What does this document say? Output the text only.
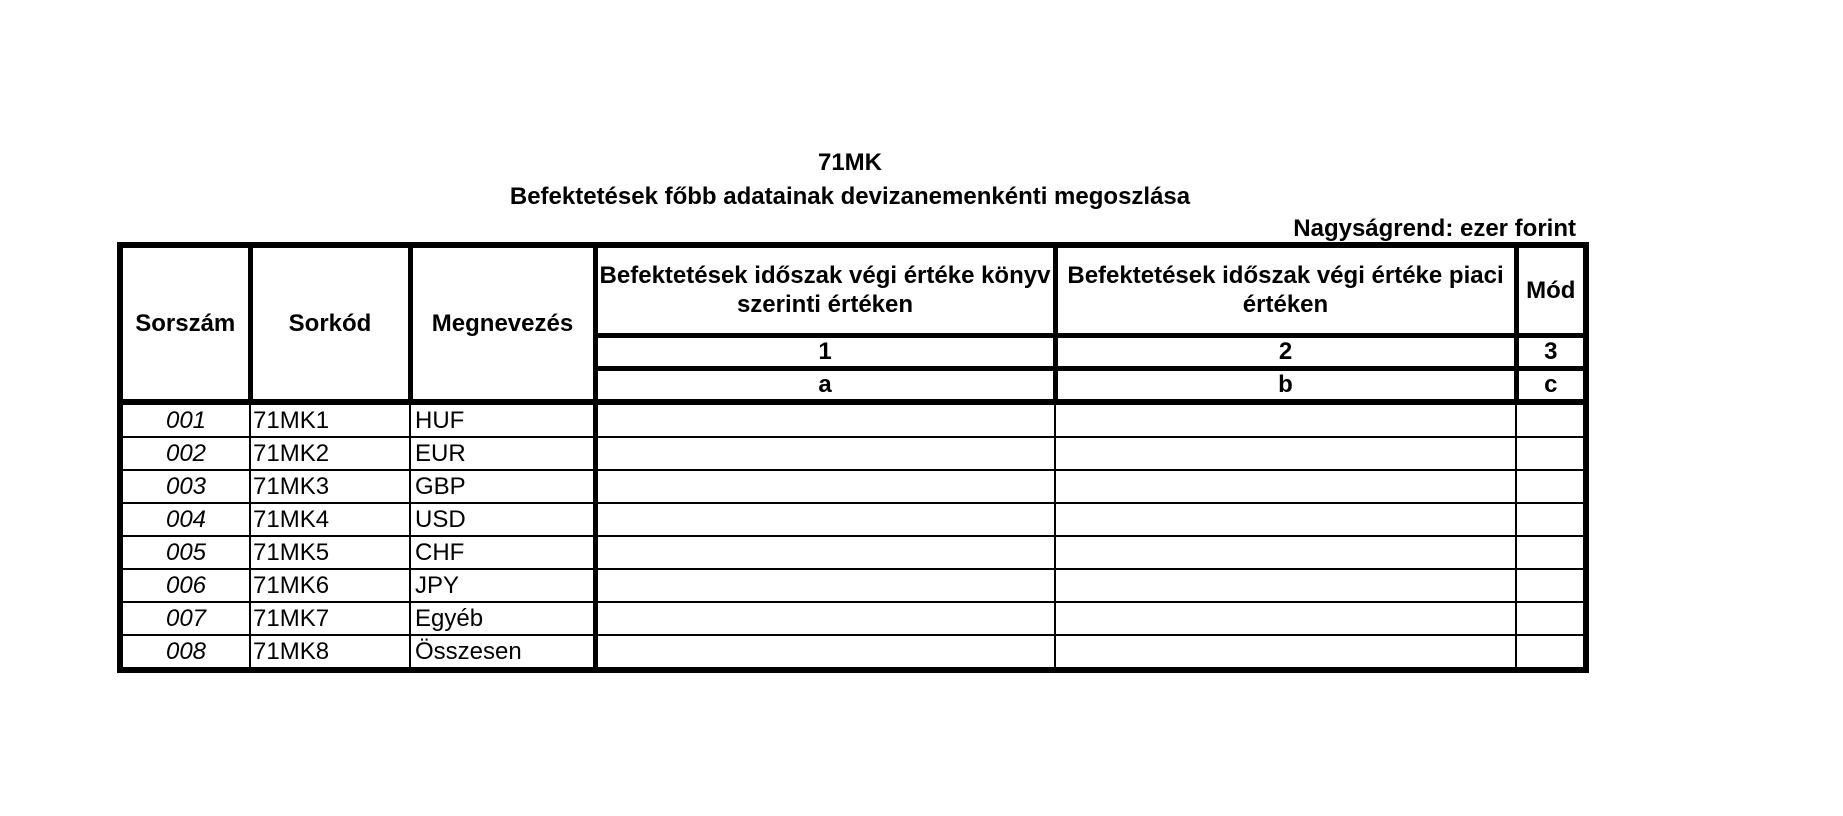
71MK
Befektetések főbb adatainak devizanemenkénti megoszlása
Nagyságrend: ezer forint
Sorszám	Sorkód	Megnevezés	Befektetések időszak végi értéke könyv szerinti értéken	Befektetések időszak végi értéke piaci értéken	Mód
			1	2	3
			a	b	c
001	71MK1	HUF			
002	71MK2	EUR			
003	71MK3	GBP			
004	71MK4	USD			
005	71MK5	CHF			
006	71MK6	JPY			
007	71MK7	Egyéb			
008	71MK8	Összesen			
